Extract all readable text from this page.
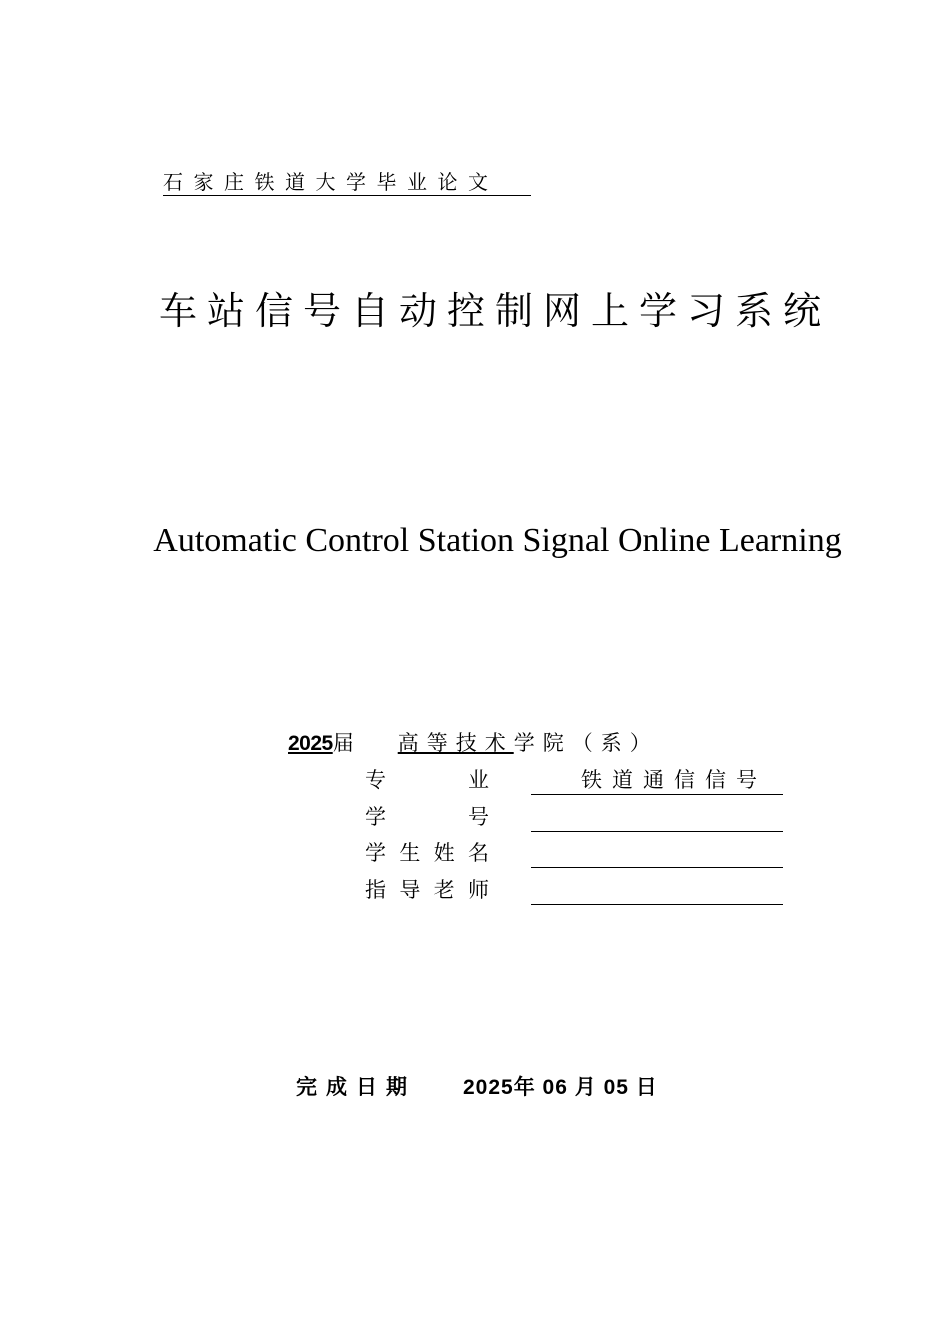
石家庄铁道大学毕业论文
车站信号自动控制网上学习系统
Automatic Control Station Signal Online Learning
2025届 高等技术学院（系）
专	业	铁道通信信号
学	号
学 生 姓 名
指 导 老 师
完成日期 2025年 06 月 05 日
